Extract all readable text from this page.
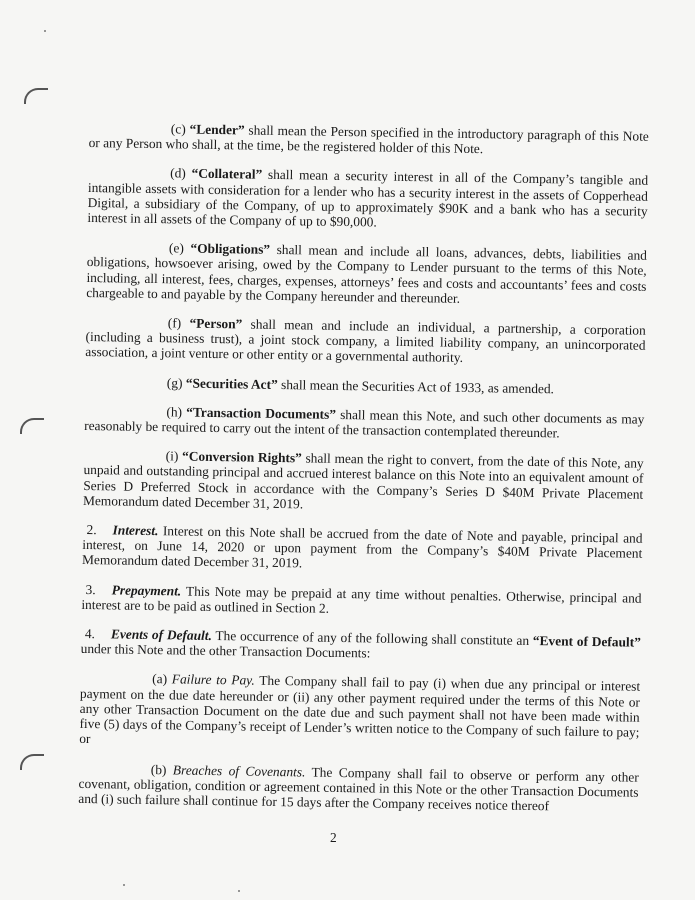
(c) “Lender” shall mean the Person specified in the introductory paragraph of this Note or any Person who shall, at the time, be the registered holder of this Note.

(d) “Collateral” shall mean a security interest in all of the Company’s tangible and intangible assets with consideration for a lender who has a security interest in the assets of Copperhead Digital, a subsidiary of the Company, of up to approximately $90K and a bank who has a security interest in all assets of the Company of up to $90,000.

(e) “Obligations” shall mean and include all loans, advances, debts, liabilities and obligations, howsoever arising, owed by the Company to Lender pursuant to the terms of this Note, including, all interest, fees, charges, expenses, attorneys’ fees and costs and accountants’ fees and costs chargeable to and payable by the Company hereunder and thereunder.

(f) “Person” shall mean and include an individual, a partnership, a corporation (including a business trust), a joint stock company, a limited liability company, an unincorporated association, a joint venture or other entity or a governmental authority.

(g) “Securities Act” shall mean the Securities Act of 1933, as amended.

(h) “Transaction Documents” shall mean this Note, and such other documents as may reasonably be required to carry out the intent of the transaction contemplated thereunder.

(i) “Conversion Rights” shall mean the right to convert, from the date of this Note, any unpaid and outstanding principal and accrued interest balance on this Note into an equivalent amount of Series D Preferred Stock in accordance with the Company’s Series D $40M Private Placement Memorandum dated December 31, 2019.

2. Interest. Interest on this Note shall be accrued from the date of Note and payable, principal and interest, on June 14, 2020 or upon payment from the Company’s $40M Private Placement Memorandum dated December 31, 2019.

3. Prepayment. This Note may be prepaid at any time without penalties. Otherwise, principal and interest are to be paid as outlined in Section 2.

4. Events of Default. The occurrence of any of the following shall constitute an “Event of Default” under this Note and the other Transaction Documents:

(a) Failure to Pay. The Company shall fail to pay (i) when due any principal or interest payment on the due date hereunder or (ii) any other payment required under the terms of this Note or any other Transaction Document on the date due and such payment shall not have been made within five (5) days of the Company’s receipt of Lender’s written notice to the Company of such failure to pay; or

(b) Breaches of Covenants. The Company shall fail to observe or perform any other covenant, obligation, condition or agreement contained in this Note or the other Transaction Documents and (i) such failure shall continue for 15 days after the Company receives notice thereof

2
